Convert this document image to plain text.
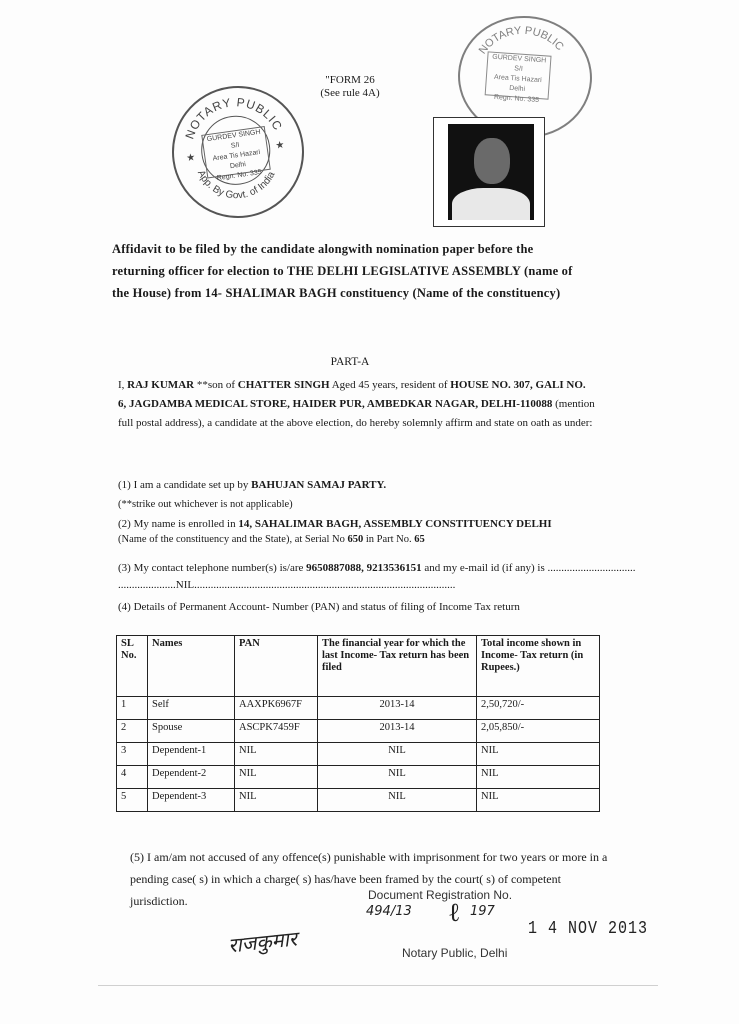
"FORM 26
(See rule 4A)
NOTARY PUBLIC
App. By Govt. of India
★
★
GURDEV SINGH S/I
Area Tis Hazari Delhi
Regn. No. 335
NOTARY PUBLIC
GURDEV SINGH S/I
Area Tis Hazari Delhi
Regn. No. 335
Affidavit to be filed by the candidate alongwith nomination paper before the returning officer for election to THE DELHI LEGISLATIVE ASSEMBLY (name of the House) from 14- SHALIMAR BAGH constituency (Name of the constituency)
PART-A
I, RAJ KUMAR **son of CHATTER SINGH Aged 45 years, resident of HOUSE NO. 307, GALI NO. 6, JAGDAMBA MEDICAL STORE, HAIDER PUR, AMBEDKAR NAGAR, DELHI-110088 (mention full postal address), a candidate at the above election, do hereby solemnly affirm and state on oath as under:
(1) I am a candidate set up by BAHUJAN SAMAJ PARTY.
(**strike out whichever is not applicable)
(2) My name is enrolled in 14, SAHALIMAR BAGH, ASSEMBLY CONSTITUENCY DELHI
(Name of the constituency and the State), at Serial No 650 in Part No. 65
(3) My contact telephone number(s) is/are 9650887088, 9213536151 and my e-mail id (if any) is ................................
.....................NIL...............................................................................................
(4) Details of Permanent Account- Number (PAN) and status of filing of Income Tax return
SL No.	Names	PAN	The financial year for which the last Income- Tax return has been filed	Total income shown in Income- Tax return (in Rupees.)
1	Self	AAXPK6967F	2013-14	2,50,720/-
2	Spouse	ASCPK7459F	2013-14	2,05,850/-
3	Dependent-1	NIL	NIL	NIL
4	Dependent-2	NIL	NIL	NIL
5	Dependent-3	NIL	NIL	NIL
(5) I am/am not accused of any offence(s) punishable with imprisonment for two years or more in a pending case( s) in which a charge( s) has/have been framed by the court( s) of competent jurisdiction.	Document Registration No.
494/13	197
ℓ
1 4 NOV 2013
Notary Public, Delhi
राजकुमार
